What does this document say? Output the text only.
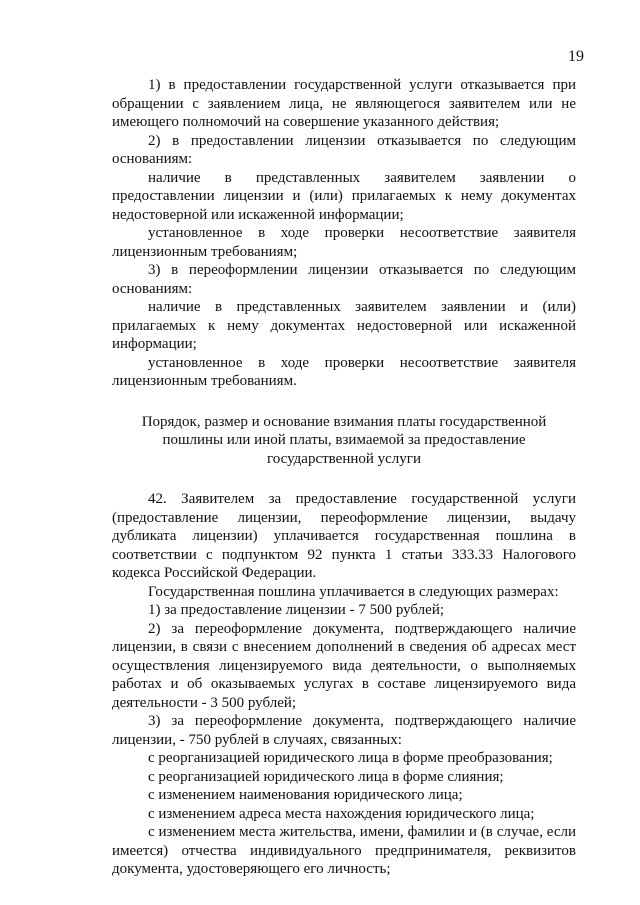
19

1) в предоставлении государственной услуги отказывается при обращении с заявлением лица, не являющегося заявителем или не имеющего полномочий на совершение указанного действия;

2) в предоставлении лицензии отказывается по следующим основаниям:

наличие в представленных заявителем заявлении о предоставлении лицензии и (или) прилагаемых к нему документах недостоверной или искаженной информации;

установленное в ходе проверки несоответствие заявителя лицензионным требованиям;

3) в переоформлении лицензии отказывается по следующим основаниям:

наличие в представленных заявителем заявлении и (или) прилагаемых к нему документах недостоверной или искаженной информации;

установленное в ходе проверки несоответствие заявителя лицензионным требованиям.

Порядок, размер и основание взимания платы государственной
пошлины или иной платы, взимаемой за предоставление
государственной услуги

42. Заявителем за предоставление государственной услуги (предоставление лицензии, переоформление лицензии, выдачу дубликата лицензии) уплачивается государственная пошлина в соответствии с подпунктом 92 пункта 1 статьи 333.33 Налогового кодекса Российской Федерации.

Государственная пошлина уплачивается в следующих размерах:

1) за предоставление лицензии - 7 500 рублей;

2) за переоформление документа, подтверждающего наличие лицензии, в связи с внесением дополнений в сведения об адресах мест осуществления лицензируемого вида деятельности, о выполняемых работах и об оказываемых услугах в составе лицензируемого вида деятельности - 3 500 рублей;

3) за переоформление документа, подтверждающего наличие лицензии, - 750 рублей в случаях, связанных:

с реорганизацией юридического лица в форме преобразования;

с реорганизацией юридического лица в форме слияния;

с изменением наименования юридического лица;

с изменением адреса места нахождения юридического лица;

с изменением места жительства, имени, фамилии и (в случае, если имеется) отчества индивидуального предпринимателя, реквизитов документа, удостоверяющего его личность;
